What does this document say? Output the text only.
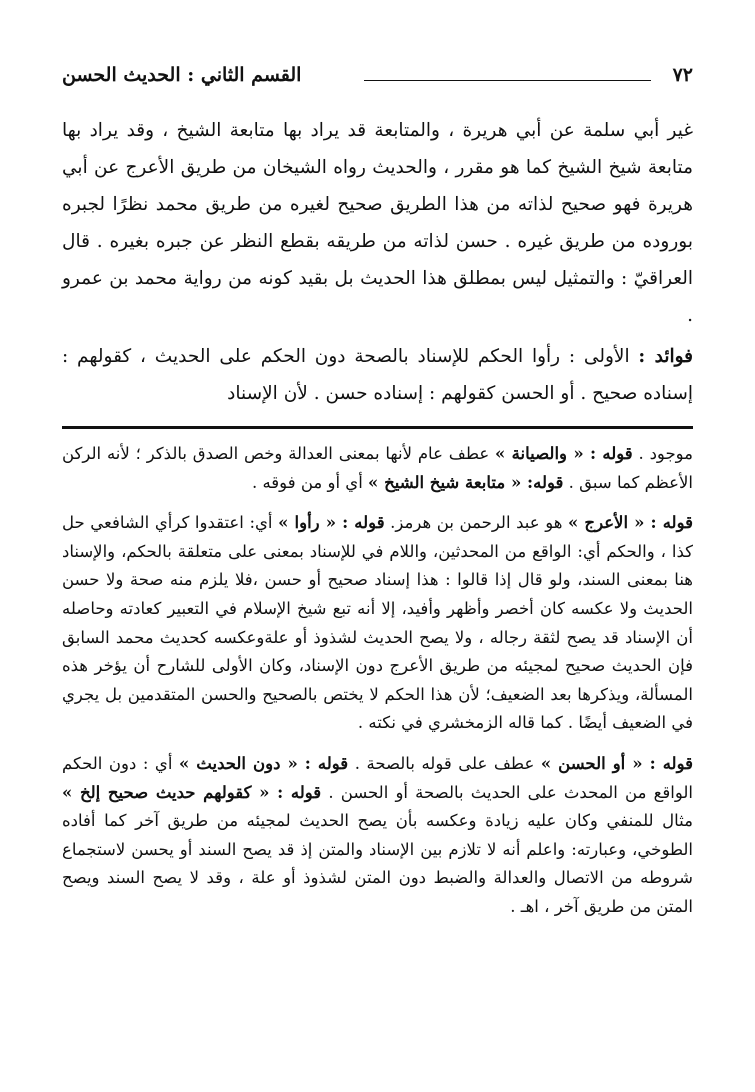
٧٢
القسم الثاني : الحديث الحسن

غير أبي سلمة عن أبي هريرة ، والمتابعة قد يراد بها متابعة الشيخ ، وقد يراد بها متابعة شيخ الشيخ كما هو مقرر ، والحديث رواه الشيخان من طريق الأعرج عن أبي هريرة فهو صحيح لذاته من هذا الطريق صحيح لغيره من طريق محمد نظرًا لجبره بوروده من طريق غيره . حسن لذاته من طريقه بقطع النظر عن جبره بغيره . قال العراقيّ : والتمثيل ليس بمطلق هذا الحديث بل بقيد كونه من رواية محمد بن عمرو .

فوائد : الأولى : رأوا الحكم للإسناد بالصحة دون الحكم على الحديث ، كقولهم : إسناده صحيح . أو الحسن كقولهم : إسناده حسن . لأن الإسناد

موجود . قوله : « والصيانة » عطف عام لأنها بمعنى العدالة وخص الصدق بالذكر ؛ لأنه الركن الأعظم كما سبق . قوله: « متابعة شيخ الشيخ » أي أو من فوقه .

قوله : « الأعرج » هو عبد الرحمن بن هرمز. قوله : « رأوا » أي: اعتقدوا كرأي الشافعي حل كذا ، والحكم أي: الواقع من المحدثين، واللام في للإسناد بمعنى على متعلقة بالحكم، والإسناد هنا بمعنى السند، ولو قال إذا قالوا : هذا إسناد صحيح أو حسن ،فلا يلزم منه صحة ولا حسن الحديث ولا عكسه كان أخصر وأظهر وأفيد، إلا أنه تبع شيخ الإسلام في التعبير كعادته وحاصله أن الإسناد قد يصح لثقة رجاله ، ولا يصح الحديث لشذوذ أو علةوعكسه كحديث محمد السابق فإن الحديث صحيح لمجيئه من طريق الأعرج دون الإسناد، وكان الأولى للشارح أن يؤخر هذه المسألة، ويذكرها بعد الضعيف؛ لأن هذا الحكم لا يختص بالصحيح والحسن المتقدمين بل يجري في الضعيف أيضًا . كما قاله الزمخشري في نكته .

قوله : « أو الحسن » عطف على قوله بالصحة . قوله : « دون الحديث » أي : دون الحكم الواقع من المحدث على الحديث بالصحة أو الحسن . قوله : « كقولهم حديث صحيح إلخ » مثال للمنفي وكان عليه زيادة وعكسه بأن يصح الحديث لمجيئه من طريق آخر كما أفاده الطوخي، وعبارته: واعلم أنه لا تلازم بين الإسناد والمتن إذ قد يصح السند أو يحسن لاستجماع شروطه من الاتصال والعدالة والضبط دون المتن لشذوذ أو علة ، وقد لا يصح السند ويصح المتن من طريق آخر ، اهـ .
